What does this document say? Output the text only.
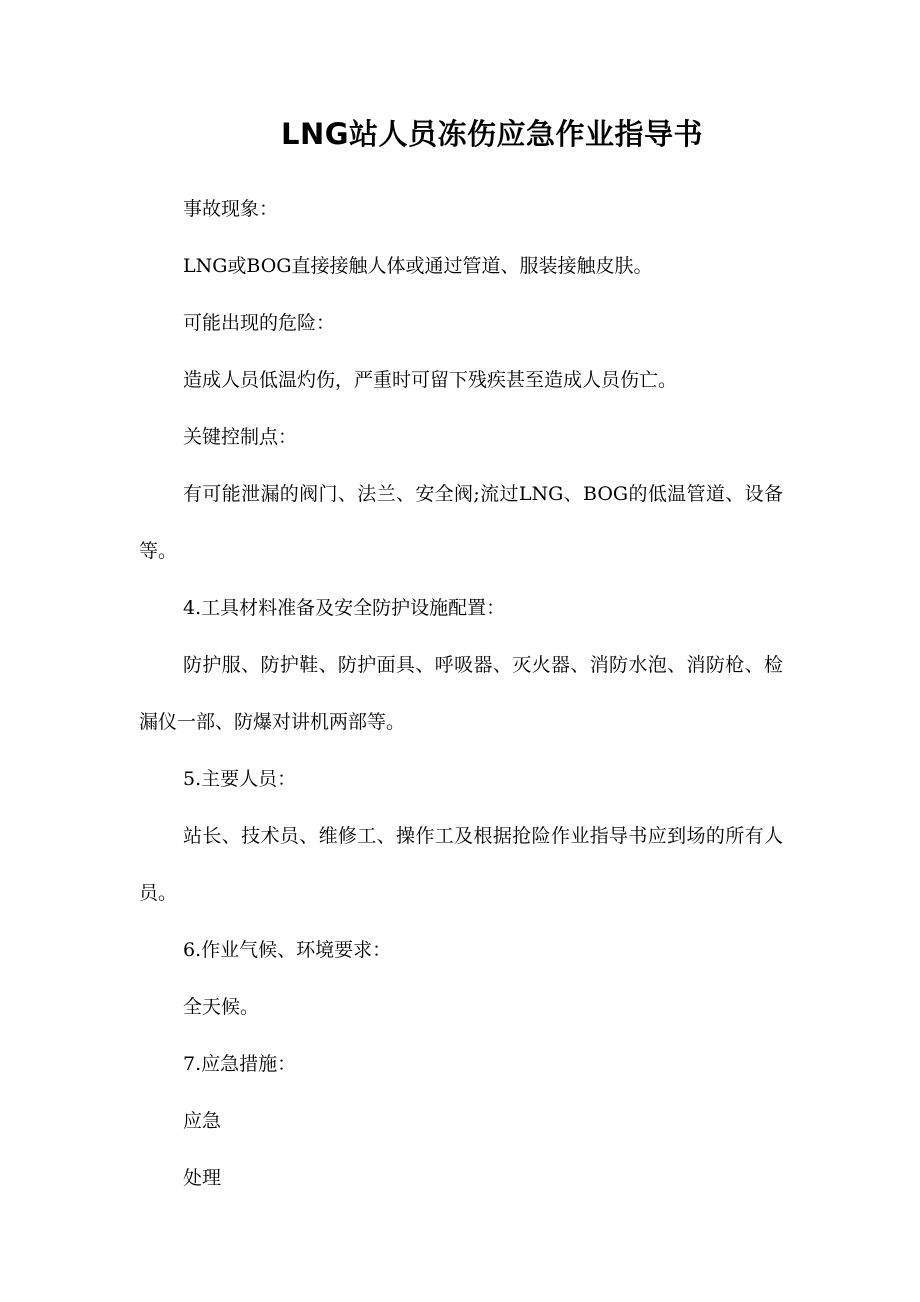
LNG站人员冻伤应急作业指导书

事故现象：

LNG或BOG直接接触人体或通过管道、服装接触皮肤。

可能出现的危险：

造成人员低温灼伤，严重时可留下残疾甚至造成人员伤亡。

关键控制点：

有可能泄漏的阀门、法兰、安全阀;流过LNG、BOG的低温管道、设备等。

4.工具材料准备及安全防护设施配置：

防护服、防护鞋、防护面具、呼吸器、灭火器、消防水泡、消防枪、检漏仪一部、防爆对讲机两部等。

5.主要人员：

站长、技术员、维修工、操作工及根据抢险作业指导书应到场的所有人员。

6.作业气候、环境要求：

全天候。

7.应急措施：

应急

处理
